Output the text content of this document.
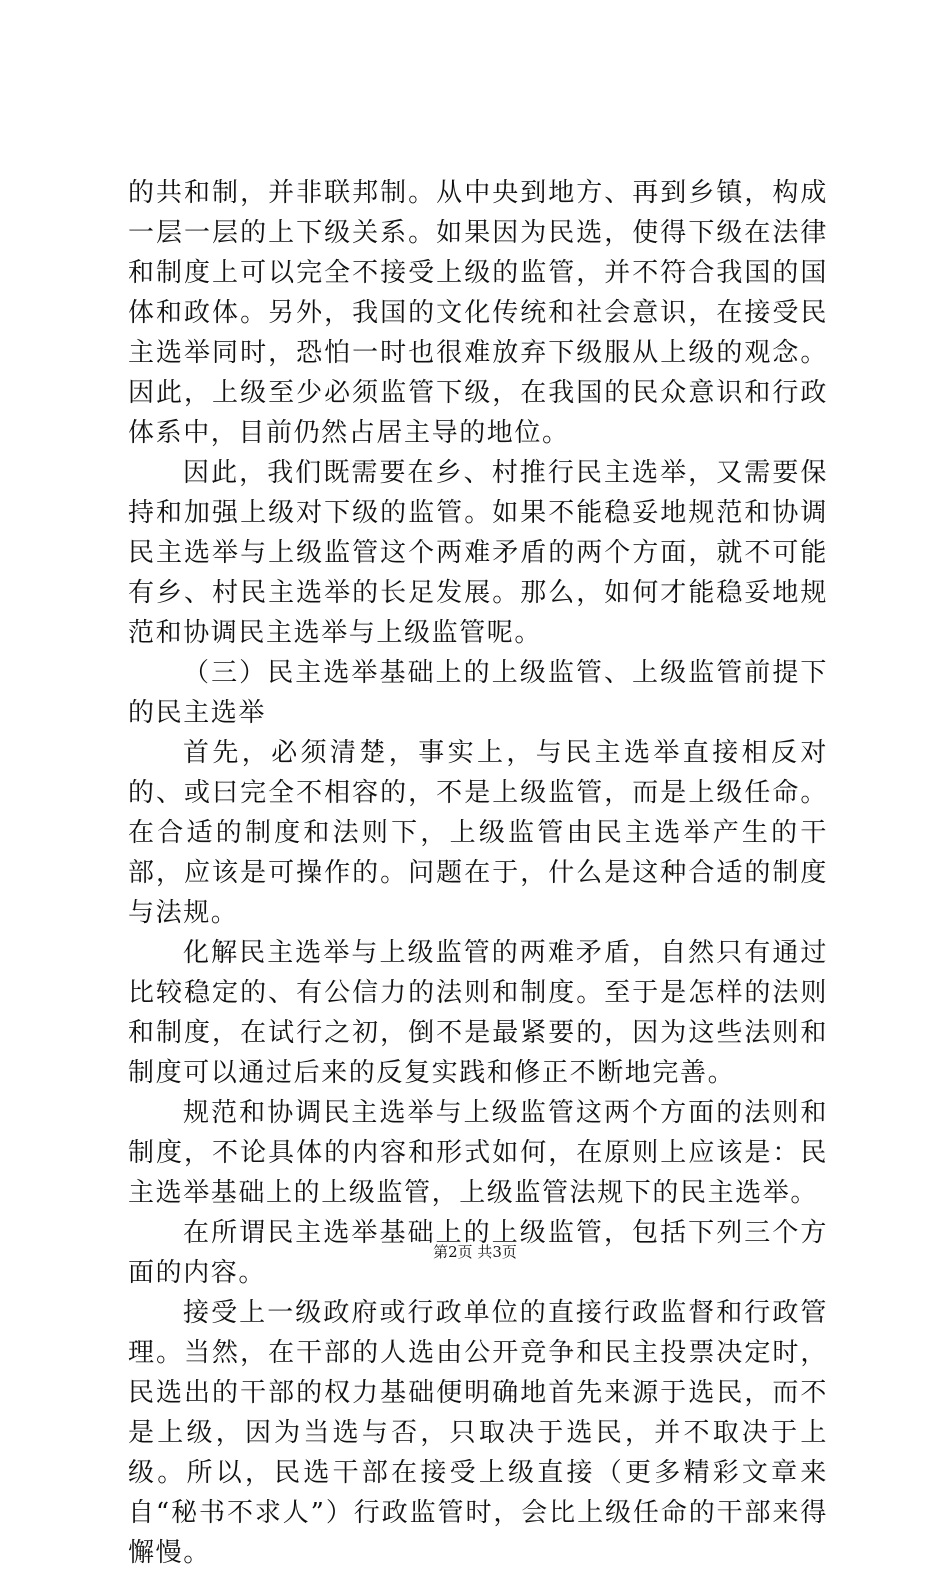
的共和制，并非联邦制。从中央到地方、再到乡镇，构成一层一层的上下级关系。如果因为民选，使得下级在法律和制度上可以完全不接受上级的监管，并不符合我国的国体和政体。另外，我国的文化传统和社会意识，在接受民主选举同时，恐怕一时也很难放弃下级服从上级的观念。因此，上级至少必须监管下级，在我国的民众意识和行政体系中，目前仍然占居主导的地位。

因此，我们既需要在乡、村推行民主选举，又需要保持和加强上级对下级的监管。如果不能稳妥地规范和协调民主选举与上级监管这个两难矛盾的两个方面，就不可能有乡、村民主选举的长足发展。那么，如何才能稳妥地规范和协调民主选举与上级监管呢。

（三）民主选举基础上的上级监管、上级监管前提下的民主选举

首先，必须清楚，事实上，与民主选举直接相反对的、或曰完全不相容的，不是上级监管，而是上级任命。在合适的制度和法则下，上级监管由民主选举产生的干部，应该是可操作的。问题在于，什么是这种合适的制度与法规。

化解民主选举与上级监管的两难矛盾，自然只有通过比较稳定的、有公信力的法则和制度。至于是怎样的法则和制度，在试行之初，倒不是最紧要的，因为这些法则和制度可以通过后来的反复实践和修正不断地完善。

规范和协调民主选举与上级监管这两个方面的法则和制度，不论具体的内容和形式如何，在原则上应该是：民主选举基础上的上级监管，上级监管法规下的民主选举。

在所谓民主选举基础上的上级监管，包括下列三个方面的内容。

接受上一级政府或行政单位的直接行政监督和行政管理。当然，在干部的人选由公开竞争和民主投票决定时，民选出的干部的权力基础便明确地首先来源于选民，而不是上级，因为当选与否，只取决于选民，并不取决于上级。所以，民选干部在接受上级直接（更多精彩文章来自“秘书不求人”）行政监管时，会比上级任命的干部来得懈慢。

第2页 共3页
